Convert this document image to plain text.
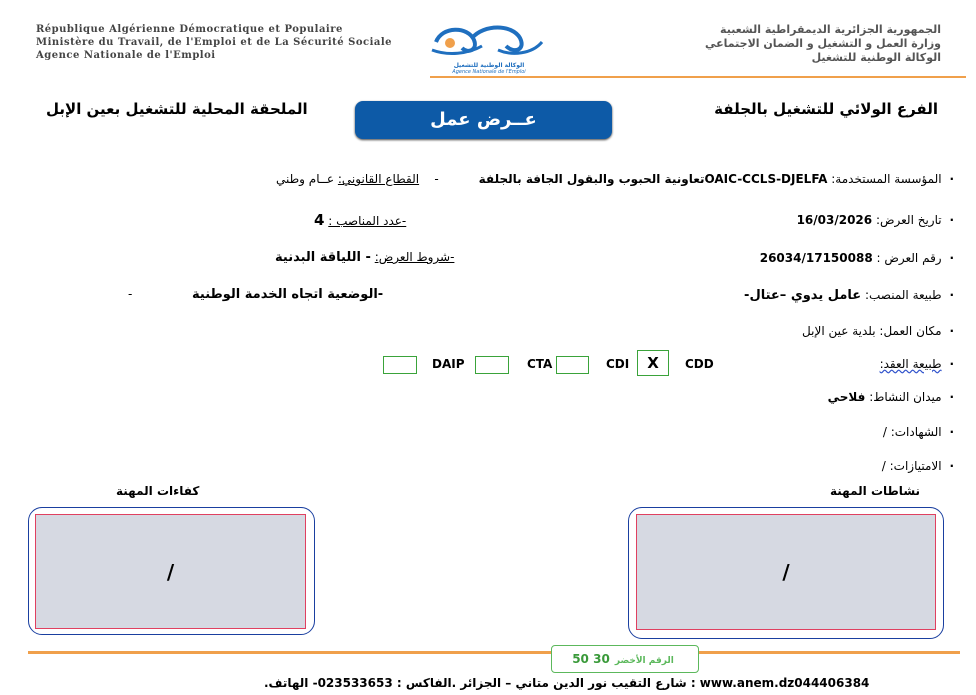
République Algérienne Démocratique et Populaire
Ministère du Travail, de l'Emploi et de La Sécurité Sociale
Agence Nationale de l'Emploi
الجمهورية الجزائرية الديمقراطية الشعبية
وزارة العمل و التشغيل و الضمان الاجتماعي
الوكالة الوطنية للتشغيل
الوكالة الوطنية للتشغيل
Agence Nationale de l'Emploi
الفرع الولائي للتشغيل بالجلفة
عــرض عمل
الملحقة المحلية للتشغيل بعين الإبل
· المؤسسة المستخدمة: OAIC-CCLS-DJELFAتعاونية الحبوب والبقول الجافة بالجلفة
-    القطاع القانوني: عــام وطني
· تاريخ العرض: 16/03/2026
-عدد المناصب : 4
· رقم العرض : 26034/17150088
-شروط العرض: - اللياقة البدنية
· طبيعة المنصب: عامل يدوي –عتال-
-الوضعية اتجاه الخدمة الوطنية
-
· مكان العمل: بلدية عين الإبل
· طبيعة العقد:
CDD
X
CDI
CTA
DAIP
· ميدان النشاط: فلاحي
· الشهادات: /
· الامتيازات: /
نشاطات المهنة
كفاءات المهنة
/
/
الرقم الأخضر 30 50
www.anem.dz044406384 : شارع التقيب نور الدين متاني – الجزائر .الفاكس : 023533653- الهاتف.
